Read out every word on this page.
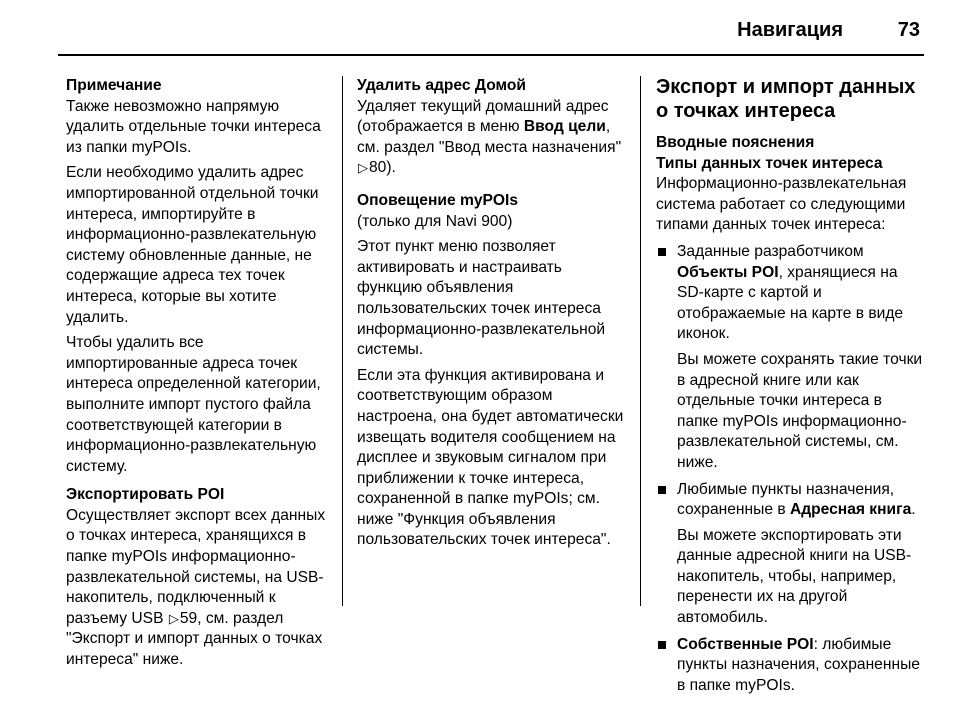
Навигация	73

Примечание

Также невозможно напрямую удалить отдельные точки интереса из папки myPOIs.

Если необходимо удалить адрес импортированной отдельной точки интереса, импортируйте в информационно-развлекательную систему обновленные данные, не содержащие адреса тех точек интереса, которые вы хотите удалить.

Чтобы удалить все импортированные адреса точек интереса определенной категории, выполните импорт пустого файла соответствующей категории в информационно-развлекательную систему.

Экспортировать POI

Осуществляет экспорт всех данных о точках интереса, хранящихся в папке myPOIs информационно-развлекательной системы, на USB-накопитель, подключенный к разъему USB ▷59, см. раздел "Экспорт и импорт данных о точках интереса" ниже.

Удалить адрес Домой

Удаляет текущий домашний адрес (отображается в меню Ввод цели, см. раздел "Ввод места назначения" ▷80).

Оповещение myPOIs

(только для Navi 900)

Этот пункт меню позволяет активировать и настраивать функцию объявления пользовательских точек интереса информационно-развлекательной системы.

Если эта функция активирована и соответствующим образом настроена, она будет автоматически извещать водителя сообщением на дисплее и звуковым сигналом при приближении к точке интереса, сохраненной в папке myPOIs; см. ниже "Функция объявления пользовательских точек интереса".

Экспорт и импорт данных о точках интереса

Вводные пояснения

Типы данных точек интереса

Информационно-развлекательная система работает со следующими типами данных точек интереса:

Заданные разработчиком Объекты POI, хранящиеся на SD-карте с картой и отображаемые на карте в виде иконок.

Вы можете сохранять такие точки в адресной книге или как отдельные точки интереса в папке myPOIs информационно-развлекательной системы, см. ниже.

Любимые пункты назначения, сохраненные в Адресная книга.

Вы можете экспортировать эти данные адресной книги на USB-накопитель, чтобы, например, перенести их на другой автомобиль.

Собственные POI: любимые пункты назначения, сохраненные в папке myPOIs.
